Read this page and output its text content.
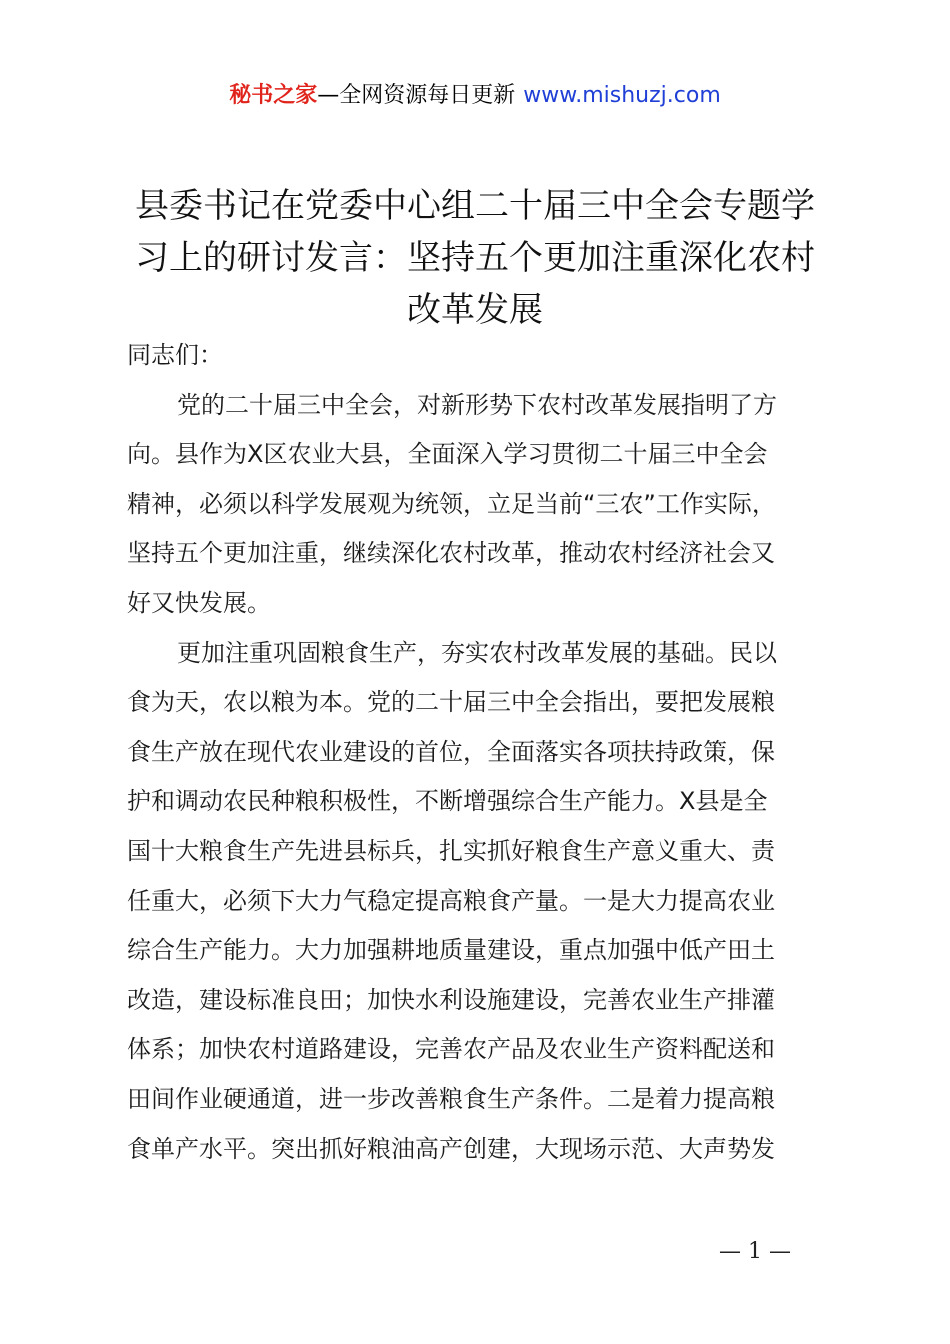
秘书之家—全网资源每日更新 www.mishuzj.com
县委书记在党委中心组二十届三中全会专题学
习上的研讨发言：坚持五个更加注重深化农村
改革发展
同志们：
党的二十届三中全会，对新形势下农村改革发展指明了方
向。县作为X区农业大县，全面深入学习贯彻二十届三中全会
精神，必须以科学发展观为统领，立足当前“三农”工作实际，
坚持五个更加注重，继续深化农村改革，推动农村经济社会又
好又快发展。
更加注重巩固粮食生产，夯实农村改革发展的基础。民以
食为天，农以粮为本。党的二十届三中全会指出，要把发展粮
食生产放在现代农业建设的首位，全面落实各项扶持政策，保
护和调动农民种粮积极性，不断增强综合生产能力。X县是全
国十大粮食生产先进县标兵，扎实抓好粮食生产意义重大、责
任重大，必须下大力气稳定提高粮食产量。一是大力提高农业
综合生产能力。大力加强耕地质量建设，重点加强中低产田土
改造，建设标准良田；加快水利设施建设，完善农业生产排灌
体系；加快农村道路建设，完善农产品及农业生产资料配送和
田间作业硬通道，进一步改善粮食生产条件。二是着力提高粮
食单产水平。突出抓好粮油高产创建，大现场示范、大声势发
— 1 —
